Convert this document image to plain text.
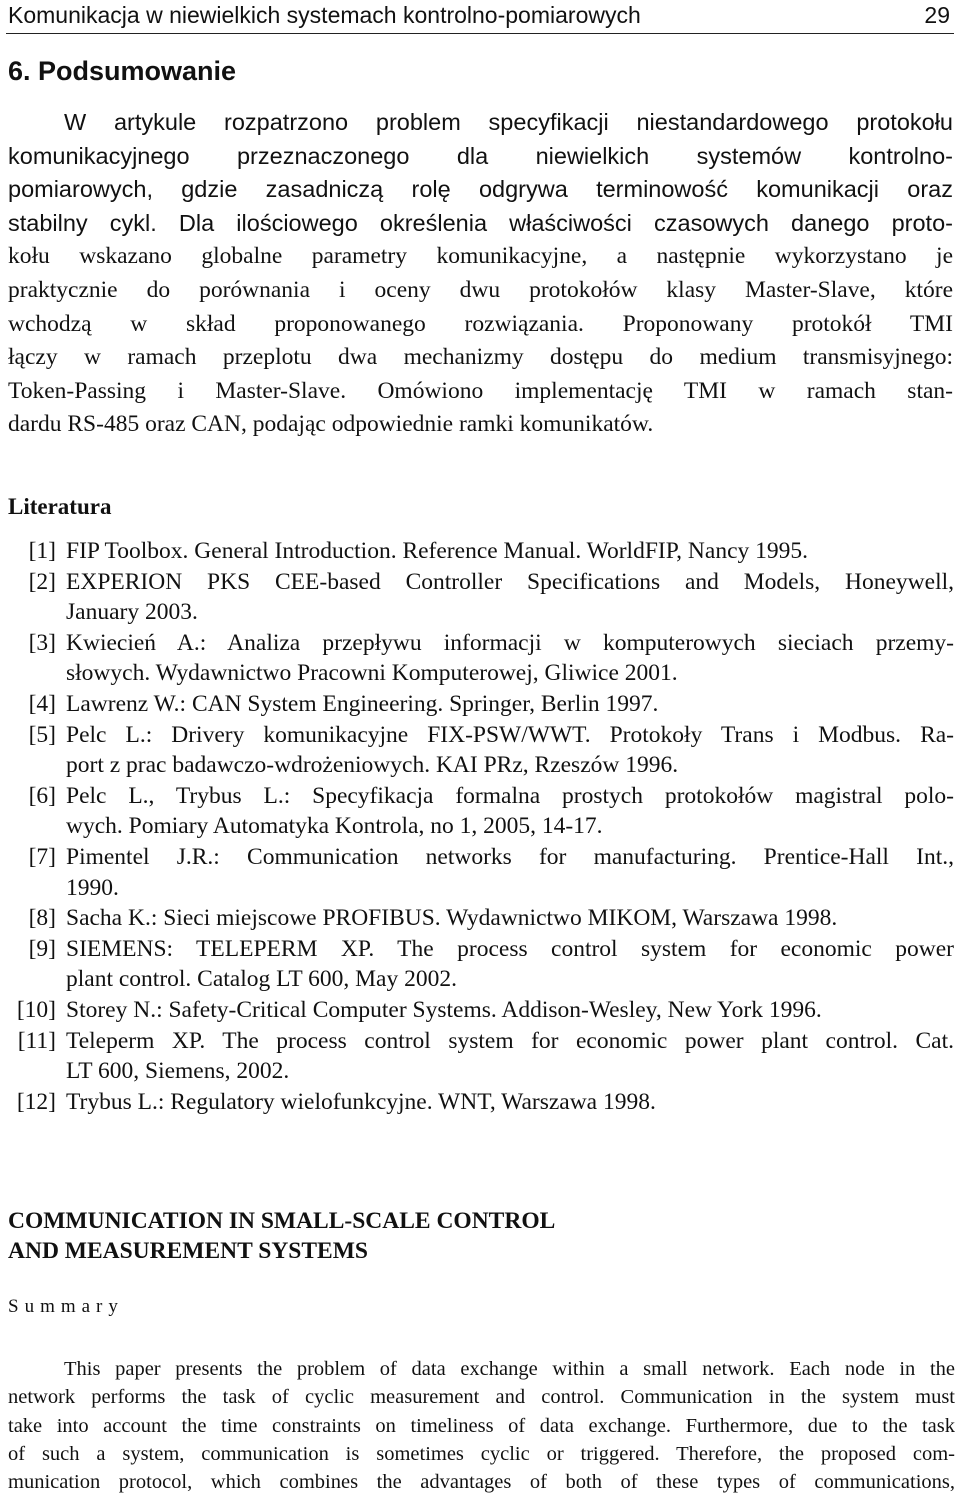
Komunikacja w niewielkich systemach kontrolno-pomiarowych	29
6. Podsumowanie
W artykule rozpatrzono problem specyfikacji niestandardowego protokołu
komunikacyjnego przeznaczonego dla niewielkich systemów kontrolno-
pomiarowych, gdzie zasadniczą rolę odgrywa terminowość komunikacji oraz
stabilny cykl. Dla ilościowego określenia właściwości czasowych danego proto-
kołu wskazano globalne parametry komunikacyjne, a następnie wykorzystano je
praktycznie do porównania i oceny dwu protokołów klasy Master-Slave, które
wchodzą w skład proponowanego rozwiązania. Proponowany protokół TMI
łączy w ramach przeplotu dwa mechanizmy dostępu do medium transmisyjnego:
Token-Passing i Master-Slave. Omówiono implementację TMI w ramach stan-
dardu RS-485 oraz CAN, podając odpowiednie ramki komunikatów.
Literatura
[1] FIP Toolbox. General Introduction. Reference Manual. WorldFIP, Nancy 1995.
[2] EXPERION PKS CEE-based Controller Specifications and Models, Honeywell,
January 2003.
[3] Kwiecień A.: Analiza przepływu informacji w komputerowych sieciach przemy-
słowych. Wydawnictwo Pracowni Komputerowej, Gliwice 2001.
[4] Lawrenz W.: CAN System Engineering. Springer, Berlin 1997.
[5] Pelc L.: Drivery komunikacyjne FIX-PSW/WWT. Protokoły Trans i Modbus. Ra-
port z prac badawczo-wdrożeniowych. KAI PRz, Rzeszów 1996.
[6] Pelc L., Trybus L.: Specyfikacja formalna prostych protokołów magistral polo-
wych. Pomiary Automatyka Kontrola, no 1, 2005, 14-17.
[7] Pimentel J.R.: Communication networks for manufacturing. Prentice-Hall Int.,
1990.
[8] Sacha K.: Sieci miejscowe PROFIBUS. Wydawnictwo MIKOM, Warszawa 1998.
[9] SIEMENS: TELEPERM XP. The process control system for economic power
plant control. Catalog LT 600, May 2002.
[10] Storey N.: Safety-Critical Computer Systems. Addison-Wesley, New York 1996.
[11] Teleperm XP. The process control system for economic power plant control. Cat.
LT 600, Siemens, 2002.
[12] Trybus L.: Regulatory wielofunkcyjne. WNT, Warszawa 1998.
COMMUNICATION IN SMALL-SCALE CONTROL
AND MEASUREMENT SYSTEMS

Summary

This paper presents the problem of data exchange within a small network. Each node in the
network performs the task of cyclic measurement and control. Communication in the system must
take into account the time constraints on timeliness of data exchange. Furthermore, due to the task
of such a system, communication is sometimes cyclic or triggered. Therefore, the proposed com-
munication protocol, which combines the advantages of both of these types of communications,
